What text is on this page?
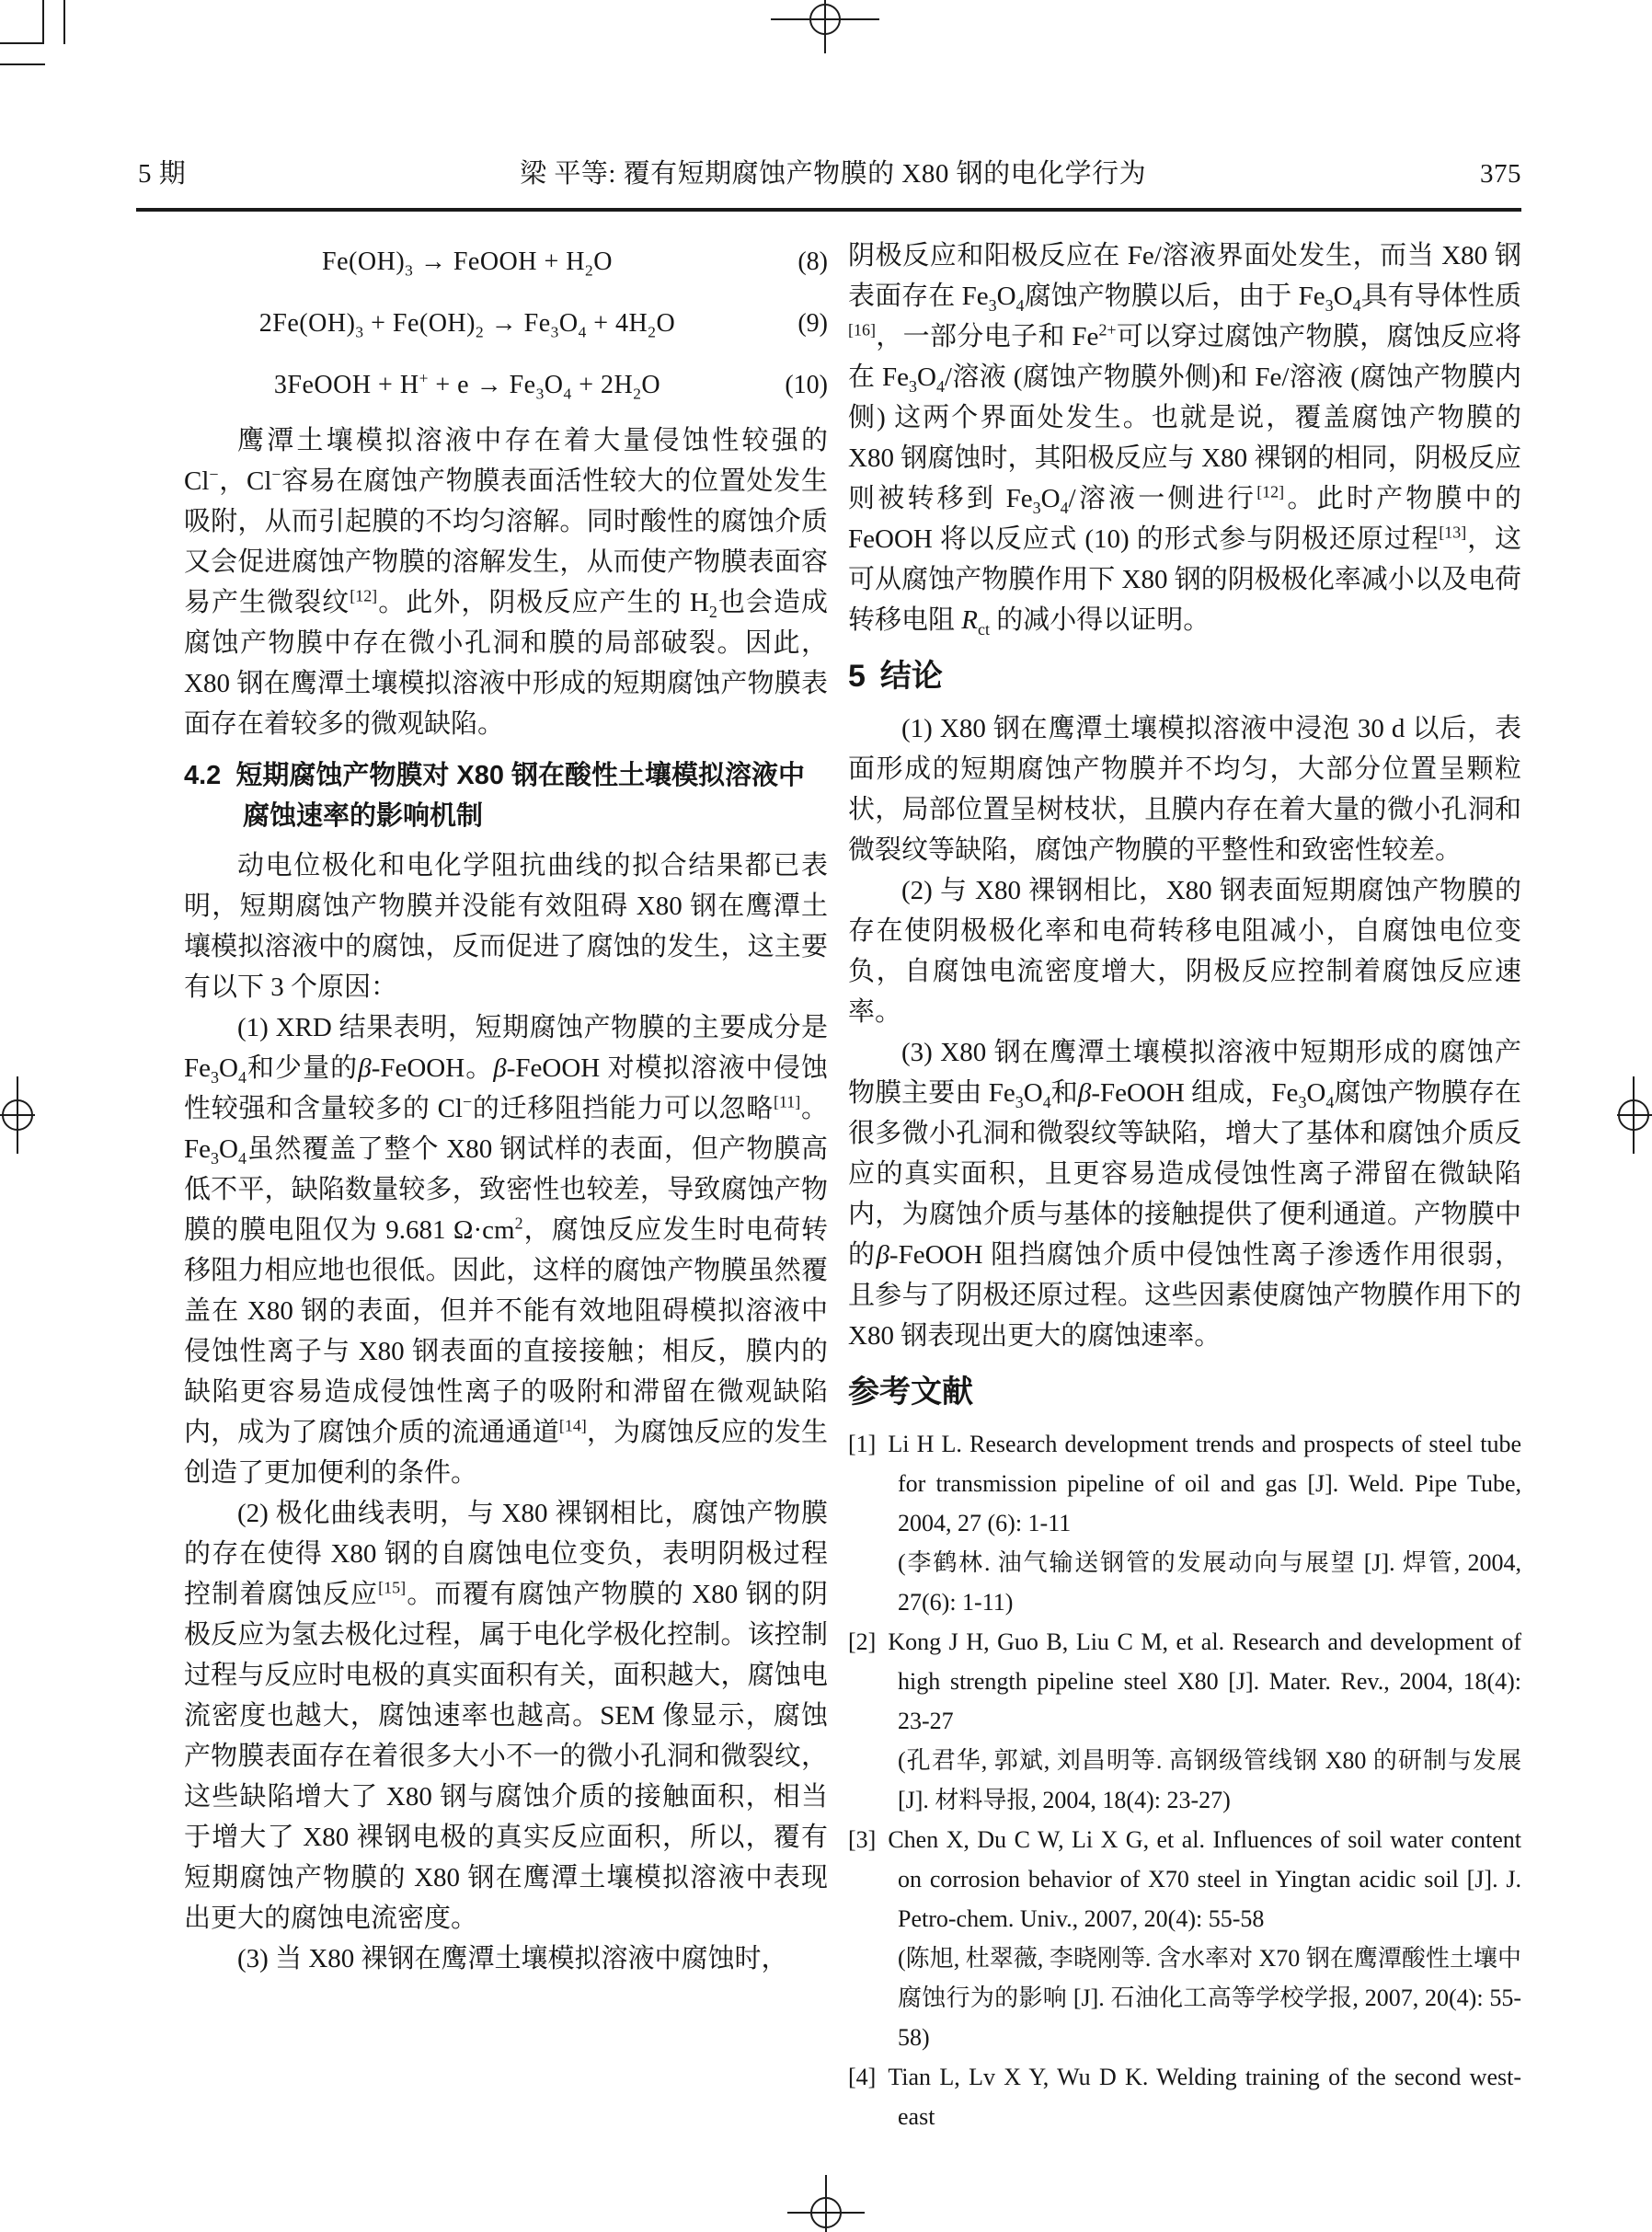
5 期	梁 平等: 覆有短期腐蚀产物膜的 X80 钢的电化学行为	375
$Fe(OH)_3$ → FeOOH + $H_2O$	(8)
$2Fe(OH)_3 + Fe(OH)_2 \to Fe_3O_4 + 4H_2O$	(9)
3FeOOH + $H^+ + e \to Fe_3O_4 + 2H_2O$	(10)

鹰潭土壤模拟溶液中存在着大量侵蚀性较强的 Cl−，Cl−容易在腐蚀产物膜表面活性较大的位置处发生吸附，从而引起膜的不均匀溶解。同时酸性的腐蚀介质又会促进腐蚀产物膜的溶解发生，从而使产物膜表面容易产生微裂纹[12]。此外，阴极反应产生的 $H_2$也会造成腐蚀产物膜中存在微小孔洞和膜的局部破裂。因此，X80 钢在鹰潭土壤模拟溶液中形成的短期腐蚀产物膜表面存在着较多的微观缺陷。

4.2 短期腐蚀产物膜对 X80 钢在酸性土壤模拟溶液中腐蚀速率的影响机制

动电位极化和电化学阻抗曲线的拟合结果都已表明，短期腐蚀产物膜并没能有效阻碍 X80 钢在鹰潭土壤模拟溶液中的腐蚀，反而促进了腐蚀的发生，这主要有以下 3 个原因：

(1) XRD 结果表明，短期腐蚀产物膜的主要成分是 $Fe_3O_4$和少量的β-FeOOH。β-FeOOH 对模拟溶液中侵蚀性较强和含量较多的 Cl−的迁移阻挡能力可以忽略[11]。$Fe_3O_4$虽然覆盖了整个 X80 钢试样的表面，但产物膜高低不平，缺陷数量较多，致密性也较差，导致腐蚀产物膜的膜电阻仅为 9.681 $\Omega\cdot cm^2$，腐蚀反应发生时电荷转移阻力相应地也很低。因此，这样的腐蚀产物膜虽然覆盖在 X80 钢的表面，但并不能有效地阻碍模拟溶液中侵蚀性离子与 X80 钢表面的直接接触；相反，膜内的缺陷更容易造成侵蚀性离子的吸附和滞留在微观缺陷内，成为了腐蚀介质的流通通道[14]，为腐蚀反应的发生创造了更加便利的条件。

(2) 极化曲线表明，与 X80 裸钢相比，腐蚀产物膜的存在使得 X80 钢的自腐蚀电位变负，表明阴极过程控制着腐蚀反应[15]。而覆有腐蚀产物膜的 X80 钢的阴极反应为氢去极化过程，属于电化学极化控制。该控制过程与反应时电极的真实面积有关，面积越大，腐蚀电流密度也越大，腐蚀速率也越高。SEM 像显示，腐蚀产物膜表面存在着很多大小不一的微小孔洞和微裂纹，这些缺陷增大了 X80 钢与腐蚀介质的接触面积，相当于增大了 X80 裸钢电极的真实反应面积，所以，覆有短期腐蚀产物膜的 X80 钢在鹰潭土壤模拟溶液中表现出更大的腐蚀电流密度。

(3) 当 X80 裸钢在鹰潭土壤模拟溶液中腐蚀时，

阴极反应和阳极反应在 Fe/溶液界面处发生，而当 X80 钢表面存在 $Fe_3O_4$腐蚀产物膜以后，由于 $Fe_3O_4$具有导体性质[16]，一部分电子和 $Fe^{2+}$可以穿过腐蚀产物膜，腐蚀反应将在 $Fe_3O_4/$溶液 (腐蚀产物膜外侧)和 Fe/溶液 (腐蚀产物膜内侧) 这两个界面处发生。也就是说，覆盖腐蚀产物膜的 X80 钢腐蚀时，其阳极反应与 X80 裸钢的相同，阴极反应则被转移到 $Fe_3O_4/$溶液一侧进行[12]。此时产物膜中的 FeOOH 将以反应式 (10) 的形式参与阴极还原过程[13]，这可从腐蚀产物膜作用下 X80 钢的阴极极化率减小以及电荷转移电阻 $R_{ct}$ 的减小得以证明。

5 结论

(1) X80 钢在鹰潭土壤模拟溶液中浸泡 30 d 以后，表面形成的短期腐蚀产物膜并不均匀，大部分位置呈颗粒状，局部位置呈树枝状，且膜内存在着大量的微小孔洞和微裂纹等缺陷，腐蚀产物膜的平整性和致密性较差。

(2) 与 X80 裸钢相比，X80 钢表面短期腐蚀产物膜的存在使阴极极化率和电荷转移电阻减小，自腐蚀电位变负，自腐蚀电流密度增大，阴极反应控制着腐蚀反应速率。

(3) X80 钢在鹰潭土壤模拟溶液中短期形成的腐蚀产物膜主要由 $Fe_3O_4$和β-FeOOH 组成，$Fe_3O_4$腐蚀产物膜存在很多微小孔洞和微裂纹等缺陷，增大了基体和腐蚀介质反应的真实面积，且更容易造成侵蚀性离子滞留在微缺陷内，为腐蚀介质与基体的接触提供了便利通道。产物膜中的β-FeOOH 阻挡腐蚀介质中侵蚀性离子渗透作用很弱，且参与了阴极还原过程。这些因素使腐蚀产物膜作用下的 X80 钢表现出更大的腐蚀速率。

参考文献
[1] Li H L. Research development trends and prospects of steel tube for transmission pipeline of oil and gas [J]. Weld. Pipe Tube, 2004, 27 (6): 1-11
(李鹤林. 油气输送钢管的发展动向与展望 [J]. 焊管, 2004, 27(6): 1-11)
[2] Kong J H, Guo B, Liu C M, et al. Research and development of high strength pipeline steel X80 [J]. Mater. Rev., 2004, 18(4): 23-27
(孔君华, 郭斌, 刘昌明等. 高钢级管线钢 X80 的研制与发展 [J]. 材料导报, 2004, 18(4): 23-27)
[3] Chen X, Du C W, Li X G, et al. Influences of soil water content on corrosion behavior of X70 steel in Yingtan acidic soil [J]. J. Petro-chem. Univ., 2007, 20(4): 55-58
(陈旭, 杜翠薇, 李晓刚等. 含水率对 X70 钢在鹰潭酸性土壤中腐蚀行为的影响 [J]. 石油化工高等学校学报, 2007, 20(4): 55-58)
[4] Tian L, Lv X Y, Wu D K. Welding training of the second west-east
